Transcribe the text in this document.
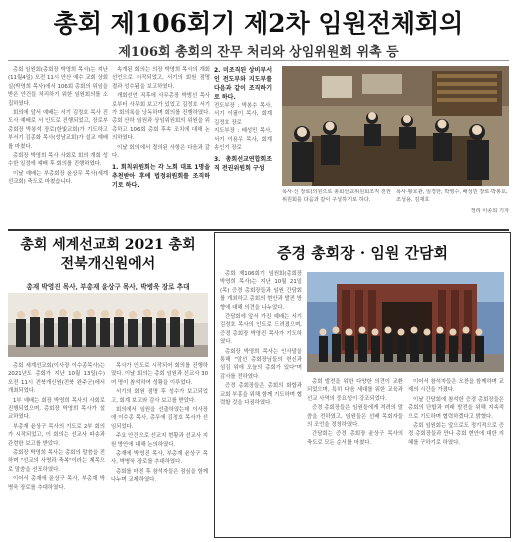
총회 제106회기 제2차 임원전체회의
제106회 총회의 잔무 처리와 상임위원회 위촉 등

총회 임원회(총회장 박영희 목사)는 지난(11월4일) 오전 11시 안산 예수 교회 상회실(박영희 목사)에서 106회 총회의 위임을 받은 안건들 처리하기 위한 임원회의를 소집하였다.

회의에 앞서 예배는 서기 김정호 목사 진도사 예배로 서 인도로 진행되었고, 장로부총회장 박봉석 장로(한빛교회)가 기도하고 부서기 김종화 목사(성남교회)가 설교 예배를 마쳤다.

총회장 박영희 목사 사회로 회의 개회 성수한 일정에 예배 후 회의를 진행하였다.

이날 예배는 부총회장 윤상무 목사(세계선교회) 축도로 마쳤습니다.

속개된 회의는 의장 박영희 목사의 개회 선언으로 시작되었고, 서기의 회원 점명 결과 성수됨을 보고하였다.

개회선언 직후에 사무총장 박범선 목사로부터 사무회 보고가 있었고 김정호 서기가 회의록을 낭독하며 회의를 진행하였다. 총회 산하 임원과 상임위원회의 위원을 위촉하고 106회 총회 후속 조치에 대해 논의하였다.

이날 회의에서 결의된 사항은 다음과 같다.

1. 회칙위원회는 각 노회 대표 1명을 추천받아 후에 법정위원회를 조직하기로 하다.
2. 미조직된 상비부서인 전도부와 지도부를 다음과 같이 조직하기로 하다.

전도부장 : 박봉수 목사, 서기 이필이 목사, 회계 김정호 장로
지도부장 : 배성민 목사, 서기 이용우 목사, 회계 송인기 장로

3. 총회선교연합회조직 전권위원회 구성
목사·신 장로(의원으로 총회선교위원회조직 전권위원회를 다음과 같이 구성하기로 하다.
목사·황호관, 임경한, 박영수, 배성민 장로·박봉호, 조성용, 김재호
정리 이종희 기자
총회 세계선교회 2021 총회
전북개신원에서
총재 박영진 목사, 부총재 윤상구 목사, 박병욱 장로 추대

총회 세계선교회(이사장 이수종목사)는 2021년도 총회가 지난 10월 13일(수) 오전 11시 전북개신원(전북 완주군)에서 개최되었다.

1부 예배는 회장 박영희 목사의 사회로 진행되었으며, 총회장 박영희 목사가 설교하였다.

부총재 윤상구 목사의 기도로 2부 회의가 시작되었고, 이 회의는 선교사 파송과 관련한 보고를 받았다.

총회장 박영희 목사는 총회의 말씀을 전하며 "선교의 사명과 축복"이라는 제목으로 말씀을 선포하였다.

이어서 총재에 윤상구 목사, 부총재 박병욱 장로를 추대하였다.

목사가 인도로 시작되어 회의를 진행하였다. 이날 회의는 총회 임원과 선교사 30여 명이 참석하여 성황을 이루었다.

서기의 회원 점명 후 성수가 보고되었고, 회계 보고와 감사 보고를 받았다.

회의에서 임원을 선출하였는데 이사장에 이수종 목사, 총무에 김정호 목사가 선임되었다.

주요 안건으로 선교지 현황과 선교사 지원 방안에 대해 논의하였다.

총재에 박영진 목사, 부총재 윤상구 목사, 박병욱 장로를 추대하였다.

총회를 마친 후 참석자들은 점심을 함께 나누며 교제하였다.

증경 총회장 · 임원 간담회

총회 제106회기 임원회(총회장 박영희 목사)는 지난 10월 21일(목) 증경 총회장들과 임원 간담회를 개최하고 총회의 현안과 발전 방향에 대해 의견을 나누었다.

간담회에 앞서 가진 예배는 서기 김정호 목사의 인도로 드려졌으며, 증경 총회장 박영진 목사가 기도하였다.

총회장 박영희 목사는 인사말을 통해 "앞선 총회장님들의 헌신과 섬김 위에 오늘의 총회가 있다"며 감사를 전하였다.

증경 총회장들은 총회의 화합과 교회 부흥을 위해 함께 기도하며 협력할 것을 다짐하였다.

총회 발전을 위한 다양한 의견이 교환되었으며, 특히 다음 세대를 위한 교육과 선교 사역의 중요성이 강조되었다.

증경 총회장들은 임원들에게 격려의 말씀을 전하였고, 임원들은 선배 목회자들의 조언을 경청하였다.

간담회는 증경 총회장 윤상구 목사의 축도로 모든 순서를 마쳤다.

이어서 참석자들은 오찬을 함께하며 교제의 시간을 가졌다.

이날 간담회에 참석한 증경 총회장들은 총회의 단합과 미래 발전을 위해 지속적으로 기도하며 협력하겠다고 밝혔다.

총회 임원회는 앞으로도 정기적으로 증경 총회장들과 만나 총회 현안에 대한 지혜를 구하기로 하였다.
